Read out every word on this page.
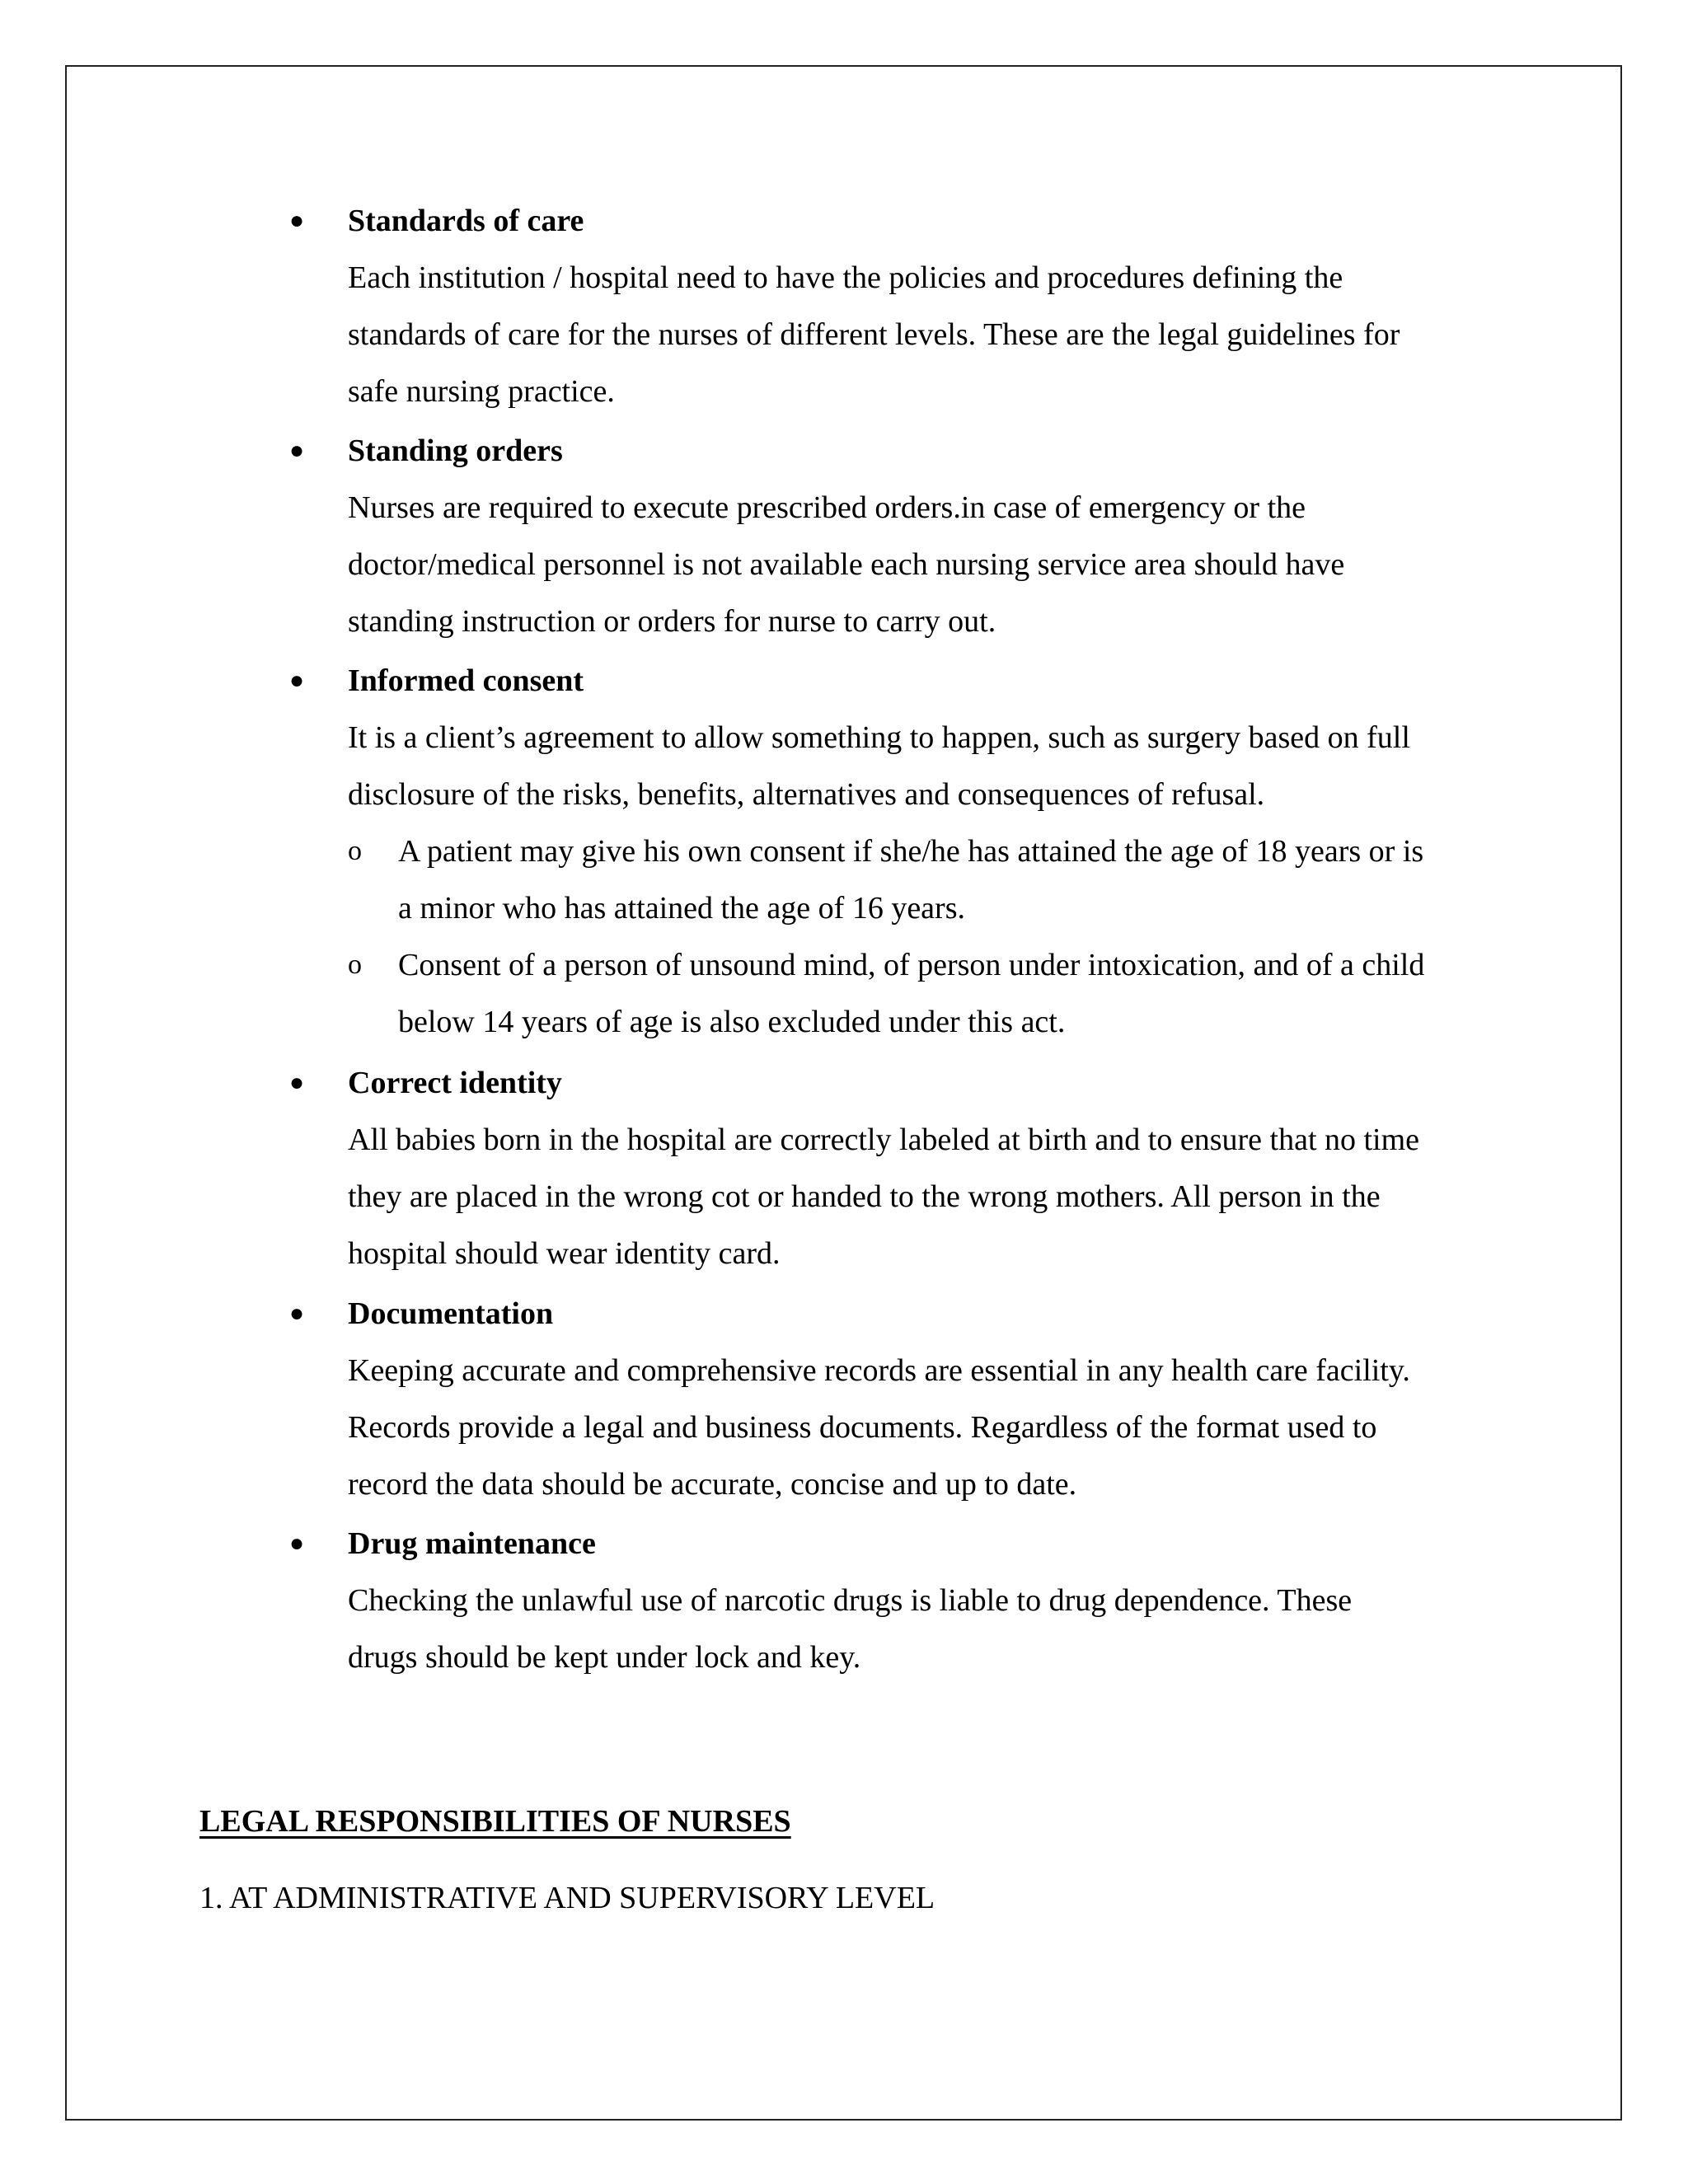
● Standards of care
Each institution / hospital need to have the policies and procedures defining the
standards of care for the nurses of different levels. These are the legal guidelines for
safe nursing practice.
● Standing orders
Nurses are required to execute prescribed orders.in case of emergency or the
doctor/medical personnel is not available each nursing service area should have
standing instruction or orders for nurse to carry out.
● Informed consent
It is a client’s agreement to allow something to happen, such as surgery based on full
disclosure of the risks, benefits, alternatives and consequences of refusal.
o A patient may give his own consent if she/he has attained the age of 18 years or is
a minor who has attained the age of 16 years.
o Consent of a person of unsound mind, of person under intoxication, and of a child
below 14 years of age is also excluded under this act.
● Correct identity
All babies born in the hospital are correctly labeled at birth and to ensure that no time
they are placed in the wrong cot or handed to the wrong mothers. All person in the
hospital should wear identity card.
● Documentation
Keeping accurate and comprehensive records are essential in any health care facility.
Records provide a legal and business documents. Regardless of the format used to
record the data should be accurate, concise and up to date.
● Drug maintenance
Checking the unlawful use of narcotic drugs is liable to drug dependence. These
drugs should be kept under lock and key.
LEGAL RESPONSIBILITIES OF NURSES
1. AT ADMINISTRATIVE AND SUPERVISORY LEVEL
